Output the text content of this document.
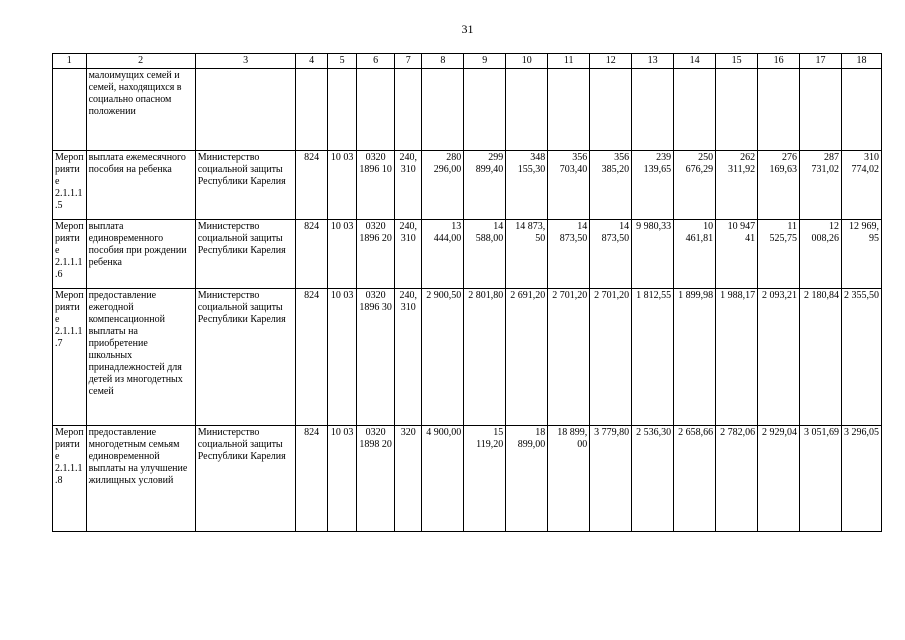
31
1	2	3	4	5	6	7	8	9	10	11	12	13	14	15	16	17	18
	малоимущих семей и семей, находящихся в социально опасном положении																
Мероприятие 2.1.1.1.5	выплата ежемесячного пособия на ребенка	Министерство социальной защиты Республики Карелия	824	10 03	0320 1896 10	240, 310	280 296,00	299 899,40	348 155,30	356 703,40	356 385,20	239 139,65	250 676,29	262 311,92	276 169,63	287 731,02	310 774,02
Мероприятие 2.1.1.1.6	выплата единовременного пособия при рождении ребенка	Министерство социальной защиты Республики Карелия	824	10 03	0320 1896 20	240, 310	13 444,00	14 588,00	14 873, 50	14 873,50	14 873,50	9 980,33	10 461,81	10 947 41	11 525,75	12 008,26	12 969, 95
Мероприятие 2.1.1.1.7	предоставление ежегодной компенсационной выплаты на приобретение школьных принадлежностей для детей из многодетных семей	Министерство социальной защиты Республики Карелия	824	10 03	0320 1896 30	240, 310	2 900,50	2 801,80	2 691,20	2 701,20	2 701,20	1 812,55	1 899,98	1 988,17	2 093,21	2 180,84	2 355,50
Мероприятие 2.1.1.1.8	предоставление многодетным семьям единовременной выплаты на улучшение жилищных условий	Министерство социальной защиты Республики Карелия	824	10 03	0320 1898 20	320	4 900,00	15 119,20	18 899,00	18 899, 00	3 779,80	2 536,30	2 658,66	2 782,06	2 929,04	3 051,69	3 296,05
